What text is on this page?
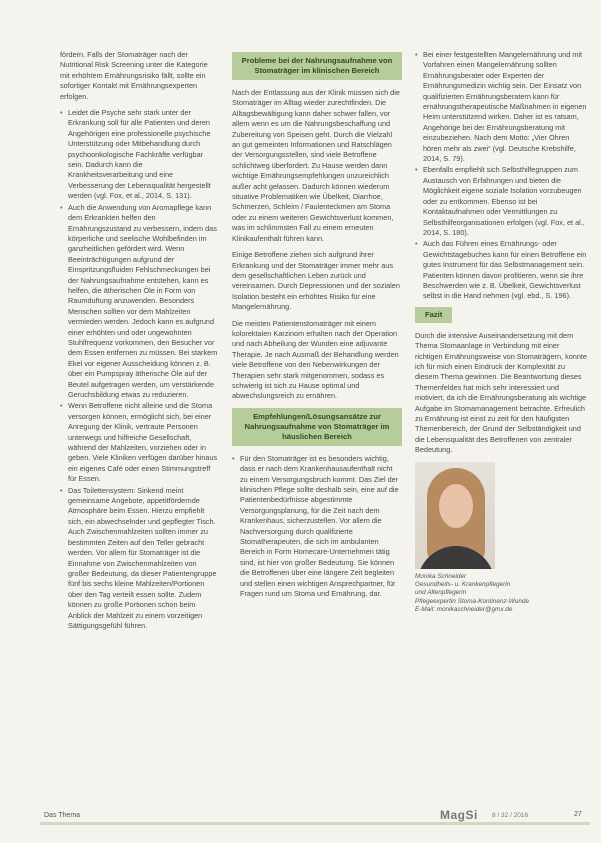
fördern. Falls der Stomaträger nach der Nutritional Risk Screening unter die Kategorie mit erhöhtem Ernährungsrisiko fällt, sollte ein sofortiger Kontakt mit Ernährungsexperten erfolgen.

• Leidet die Psyche sehr stark unter der Erkrankung soll für alle Patienten und deren Angehörigen eine professionelle psychische Unterstützung oder Mitbehandlung durch psychoonkologische Fachkräfte verfügbar sein. Dadurch kann die Krankheitsverarbeitung und eine Verbesserung der Lebensqualität hergestellt werden (vgl. Fox, et al., 2014, S. 131).
• Auch die Anwendung von Aromapflege kann dem Erkrankten helfen den Ernährungszustand zu verbessern, indem das körperliche und seelische Wohlbefinden im ganzheitlichen gefördert wird. Wenn Beeinträchtigungen aufgrund der Einspritzungsfluiden Fehlschmeckungen bei der Nahrungsaufnahme entstehen, kann es helfen, die ätherischen Öle in Form von Raumduftung anzuwenden. Besonders Menschen sollten vor dem Mahlzeiten vermieden werden. Jedoch kann es aufgrund einer erhöhten und oder ungewohnten Stuhlfrequenz vorkommen, den Besucher vor dem Essen entfernen zu müssen. Bei starkem Ekel vor eigener Ausscheidung können z. B. über ein Pumpspray ätherische Öle auf der Beutel aufgetragen werden, um verstärkende Geruchsbildung etwas zu reduzieren.
• Wenn Betroffene nicht alleine und die Stoma versorgen können, ermöglicht sich, bei einer Anregung der Klinik, vertraute Personen unterwegs und hilfreiche Gesellschaft, während der Mahlzeiten, vorziehen oder in geben. Viele Kliniken verfügen darüber hinaus ein eigenes Café oder einen Stimmungstreff für Essen.
• Das Toilettensystem: Sinkend meint gemeinsame Angebote, appetitfördernde Atmosphäre beim Essen. Hierzu empfiehlt sich, ein abwechselnder und gepflegter Tisch. Auch Zwischenmahlzeiten sollten immer zu bestimmten Zeiten auf den Teller gebracht werden. Vor allem für Stomaträger ist die Einnahme von Zwischenmahlzeiten von großer Bedeutung, da dieser Patientengruppe fünf bis sechs kleine Mahlzeiten/Portionen über den Tag verteilt essen sollte. Zudem können zu große Portionen schon beim Anblick der Mahlzeit zu einem vorzeitigen Sättigungsgefühl führen.
Probleme bei der Nahrungsaufnahme von Stomaträger im klinischen Bereich

Nach der Entlassung aus der Klinik müssen sich die Stomaträger im Alltag wieder zurechtfinden. Die Alltagsbewältigung kann daher schwer fallen, vor allem wenn es um die Nahrungsbeschaffung und Zubereitung von Speisen geht. Durch die Vielzahl an gut gemeinten Informationen und Ratschlägen der Versorgungsstellen, sind viele Betroffene schlichtweg überfordert. Zu Hause werden dann wichtige Ernährungsempfehlungen unzureichlich außer acht gelassen. Dadurch können wiederum situative Problematiken wie Übelkeit, Diarrhoe, Schmerzen, Schleim / Faulenteckmen am Stoma oder zu einem weiteren Gewichtsverlust kommen, was im schlimmsten Fall zu einem erneuten Klinikaufenthalt führen kann.

Einige Betroffene ziehen sich aufgrund ihrer Erkrankung und der Stomaträger immer mehr aus dem gesellschaftlichen Leben zurück und vereinsamen. Durch Depressionen und der sozialen Isolation besteht ein erhöhtes Risiko für eine Mangelernährung.

Die meisten Patientenstomaträger mit einem kolorektalen Karzinom erhalten nach der Operation und nach Abheilung der Wunden eine adjuvante Therapie. Je nach Ausmaß der Behandlung werden viele Betroffene von den Nebenwirkungen der Therapien sehr stark mitgenommen, sodass es schwierig ist sich zu Hause optimal und abwechslungsreich zu ernähren.

Empfehlungen/Lösungsansätze zur Nahrungsaufnahme von Stomaträger im häuslichen Bereich
• Für den Stomaträger ist es besonders wichtig, dass er nach dem Krankenhausaufenthalt nicht zu einem Versorgungsbruch kommt. Das Ziel der klinischen Pflege sollte deshalb sein, eine auf die Patientenbedürfnisse abgestimmte Versorgungsplanung, für die Zeit nach dem Krankenhaus, sicherzustellen. Vor allem die Nachversorgung durch qualifizierte Stomatherapeuten, die sich im ambulanten Bereich in Form Homecare-Unternehmen tätig sind, ist hier von großer Bedeutung. Sie können die Betroffenen über eine längere Zeit begleiten und stellen einen wichtigen Ansprechpartner, für Fragen rund um Stoma und Ernährung, dar.
• Bei einer festgestellten Mangelernährung und mit Vorfahren einen Mangelernährung sollten Ernährungsberater oder Experten der Ernährungsmedizin wichtig sein. Der Einsatz von qualifizierten Ernährungsberatern kann für ernährungstherapeutische Maßnahmen in eigenen Heim unterstützend wirken. Daher ist es ratsam, Angehörige bei der Ernährungsberatung mit einzubeziehen. Nach dem Motto: „Vier Ohren hören mehr als zwei“ (vgl. Deutsche Krebshilfe, 2014, S. 79).
• Ebenfalls empfiehlt sich Selbsthilfegruppen zum Austausch von Erfahrungen und bieten die Möglichkeit eigene soziale Isolation vorzubeugen oder zu entkommen. Ebenso ist bei Kontaktaufnahmen oder Vermittlungen zu Selbsthilfeorganisationen erfolgen (vgl. Fox, et al., 2014, S. 180).
• Auch das Führen eines Ernährungs- oder Gewichtstagebuches kann für einen Betroffene ein gutes Instrument für das Selbstmanagement sein. Patienten können davon profitieren, wenn sie ihre Beschwerden wie z. B. Übelkeit, Gewichtsverlust selbst in die Hand nehmen (vgl. ebd., S. 196).
Fazit

Durch die intensive Auseinandersetzung mit dem Thema Stomaanlage in Verbindung mit einer richtigen Ernährungsweise von Stomaträgern, konnte ich für mich einen Eindruck der Komplexität zu diesem Thema gewinnen. Die Beantwortung dieses Themenfeldes hat mich sehr interessiert und motiviert, da ich die Ernährungsberatung als wichtige Aufgabe im Stomamanagement betrachte. Erfreulich zu Ernährung ist einst zu zeit für den häufigsten Themenbereich, der Grund der Selbständigkeit und die Lebensqualität des Betroffenen von zentraler Bedeutung.

Monika Schneider
Gesundheits- u. Krankenpflegerin
und Altenpflegerin
Pflegeexpertin Stoma-Kontinenz-Wunde
E-Mail: monikaschneider@gmx.de
Das Thema	MagSi 8 / 32 / 2016	27
